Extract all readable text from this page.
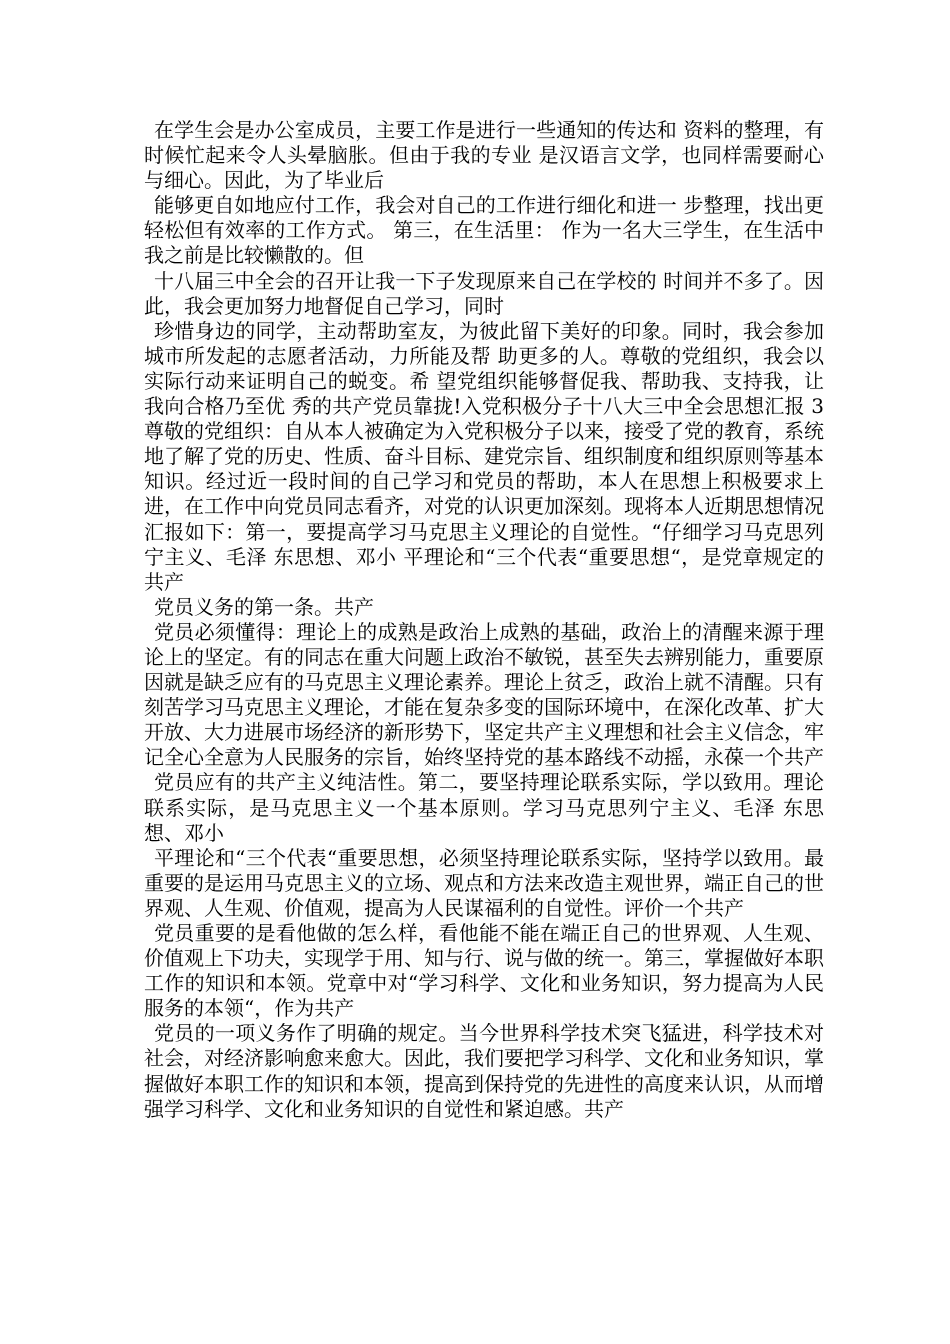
在学生会是办公室成员，主要工作是进行一些通知的传达和 资料的整理，有时候忙起来令人头晕脑胀。但由于我的专业 是汉语言文学，也同样需要耐心与细心。因此，为了毕业后

能够更自如地应付工作，我会对自己的工作进行细化和进一 步整理，找出更轻松但有效率的工作方式。 第三，在生活里： 作为一名大三学生，在生活中我之前是比较懒散的。但

十八届三中全会的召开让我一下子发现原来自己在学校的 时间并不多了。因此，我会更加努力地督促自己学习，同时

珍惜身边的同学，主动帮助室友，为彼此留下美好的印象。同时，我会参加城市所发起的志愿者活动，力所能及帮 助更多的人。尊敬的党组织，我会以实际行动来证明自己的蜕变。希 望党组织能够督促我、帮助我、支持我，让我向合格乃至优 秀的共产党员靠拢!入党积极分子十八大三中全会思想汇报 3 尊敬的党组织：自从本人被确定为入党积极分子以来，接受了党的教育，系统地了解了党的历史、性质、奋斗目标、建党宗旨、组织制度和组织原则等基本知识。经过近一段时间的自己学习和党员的帮助，本人在思想上积极要求上进，在工作中向党员同志看齐，对党的认识更加深刻。现将本人近期思想情况汇报如下：第一，要提高学习马克思主义理论的自觉性。“仔细学习马克思列宁主义、毛泽 东思想、邓小 平理论和“三个代表“重要思想“，是党章规定的共产

党员义务的第一条。共产

党员必须懂得：理论上的成熟是政治上成熟的基础，政治上的清醒来源于理论上的坚定。有的同志在重大问题上政治不敏锐，甚至失去辨别能力，重要原因就是缺乏应有的马克思主义理论素养。理论上贫乏，政治上就不清醒。只有刻苦学习马克思主义理论，才能在复杂多变的国际环境中，在深化改革、扩大开放、大力进展市场经济的新形势下，坚定共产主义理想和社会主义信念，牢记全心全意为人民服务的宗旨，始终坚持党的基本路线不动摇，永葆一个共产

党员应有的共产主义纯洁性。第二，要坚持理论联系实际，学以致用。理论联系实际，是马克思主义一个基本原则。学习马克思列宁主义、毛泽 东思想、邓小

平理论和“三个代表“重要思想，必须坚持理论联系实际，坚持学以致用。最重要的是运用马克思主义的立场、观点和方法来改造主观世界，端正自己的世界观、人生观、价值观，提高为人民谋福利的自觉性。评价一个共产

党员重要的是看他做的怎么样，看他能不能在端正自己的世界观、人生观、价值观上下功夫，实现学于用、知与行、说与做的统一。第三，掌握做好本职工作的知识和本领。党章中对“学习科学、文化和业务知识，努力提高为人民服务的本领“，作为共产

党员的一项义务作了明确的规定。当今世界科学技术突飞猛进，科学技术对社会，对经济影响愈来愈大。因此，我们要把学习科学、文化和业务知识，掌握做好本职工作的知识和本领，提高到保持党的先进性的高度来认识，从而增强学习科学、文化和业务知识的自觉性和紧迫感。共产
